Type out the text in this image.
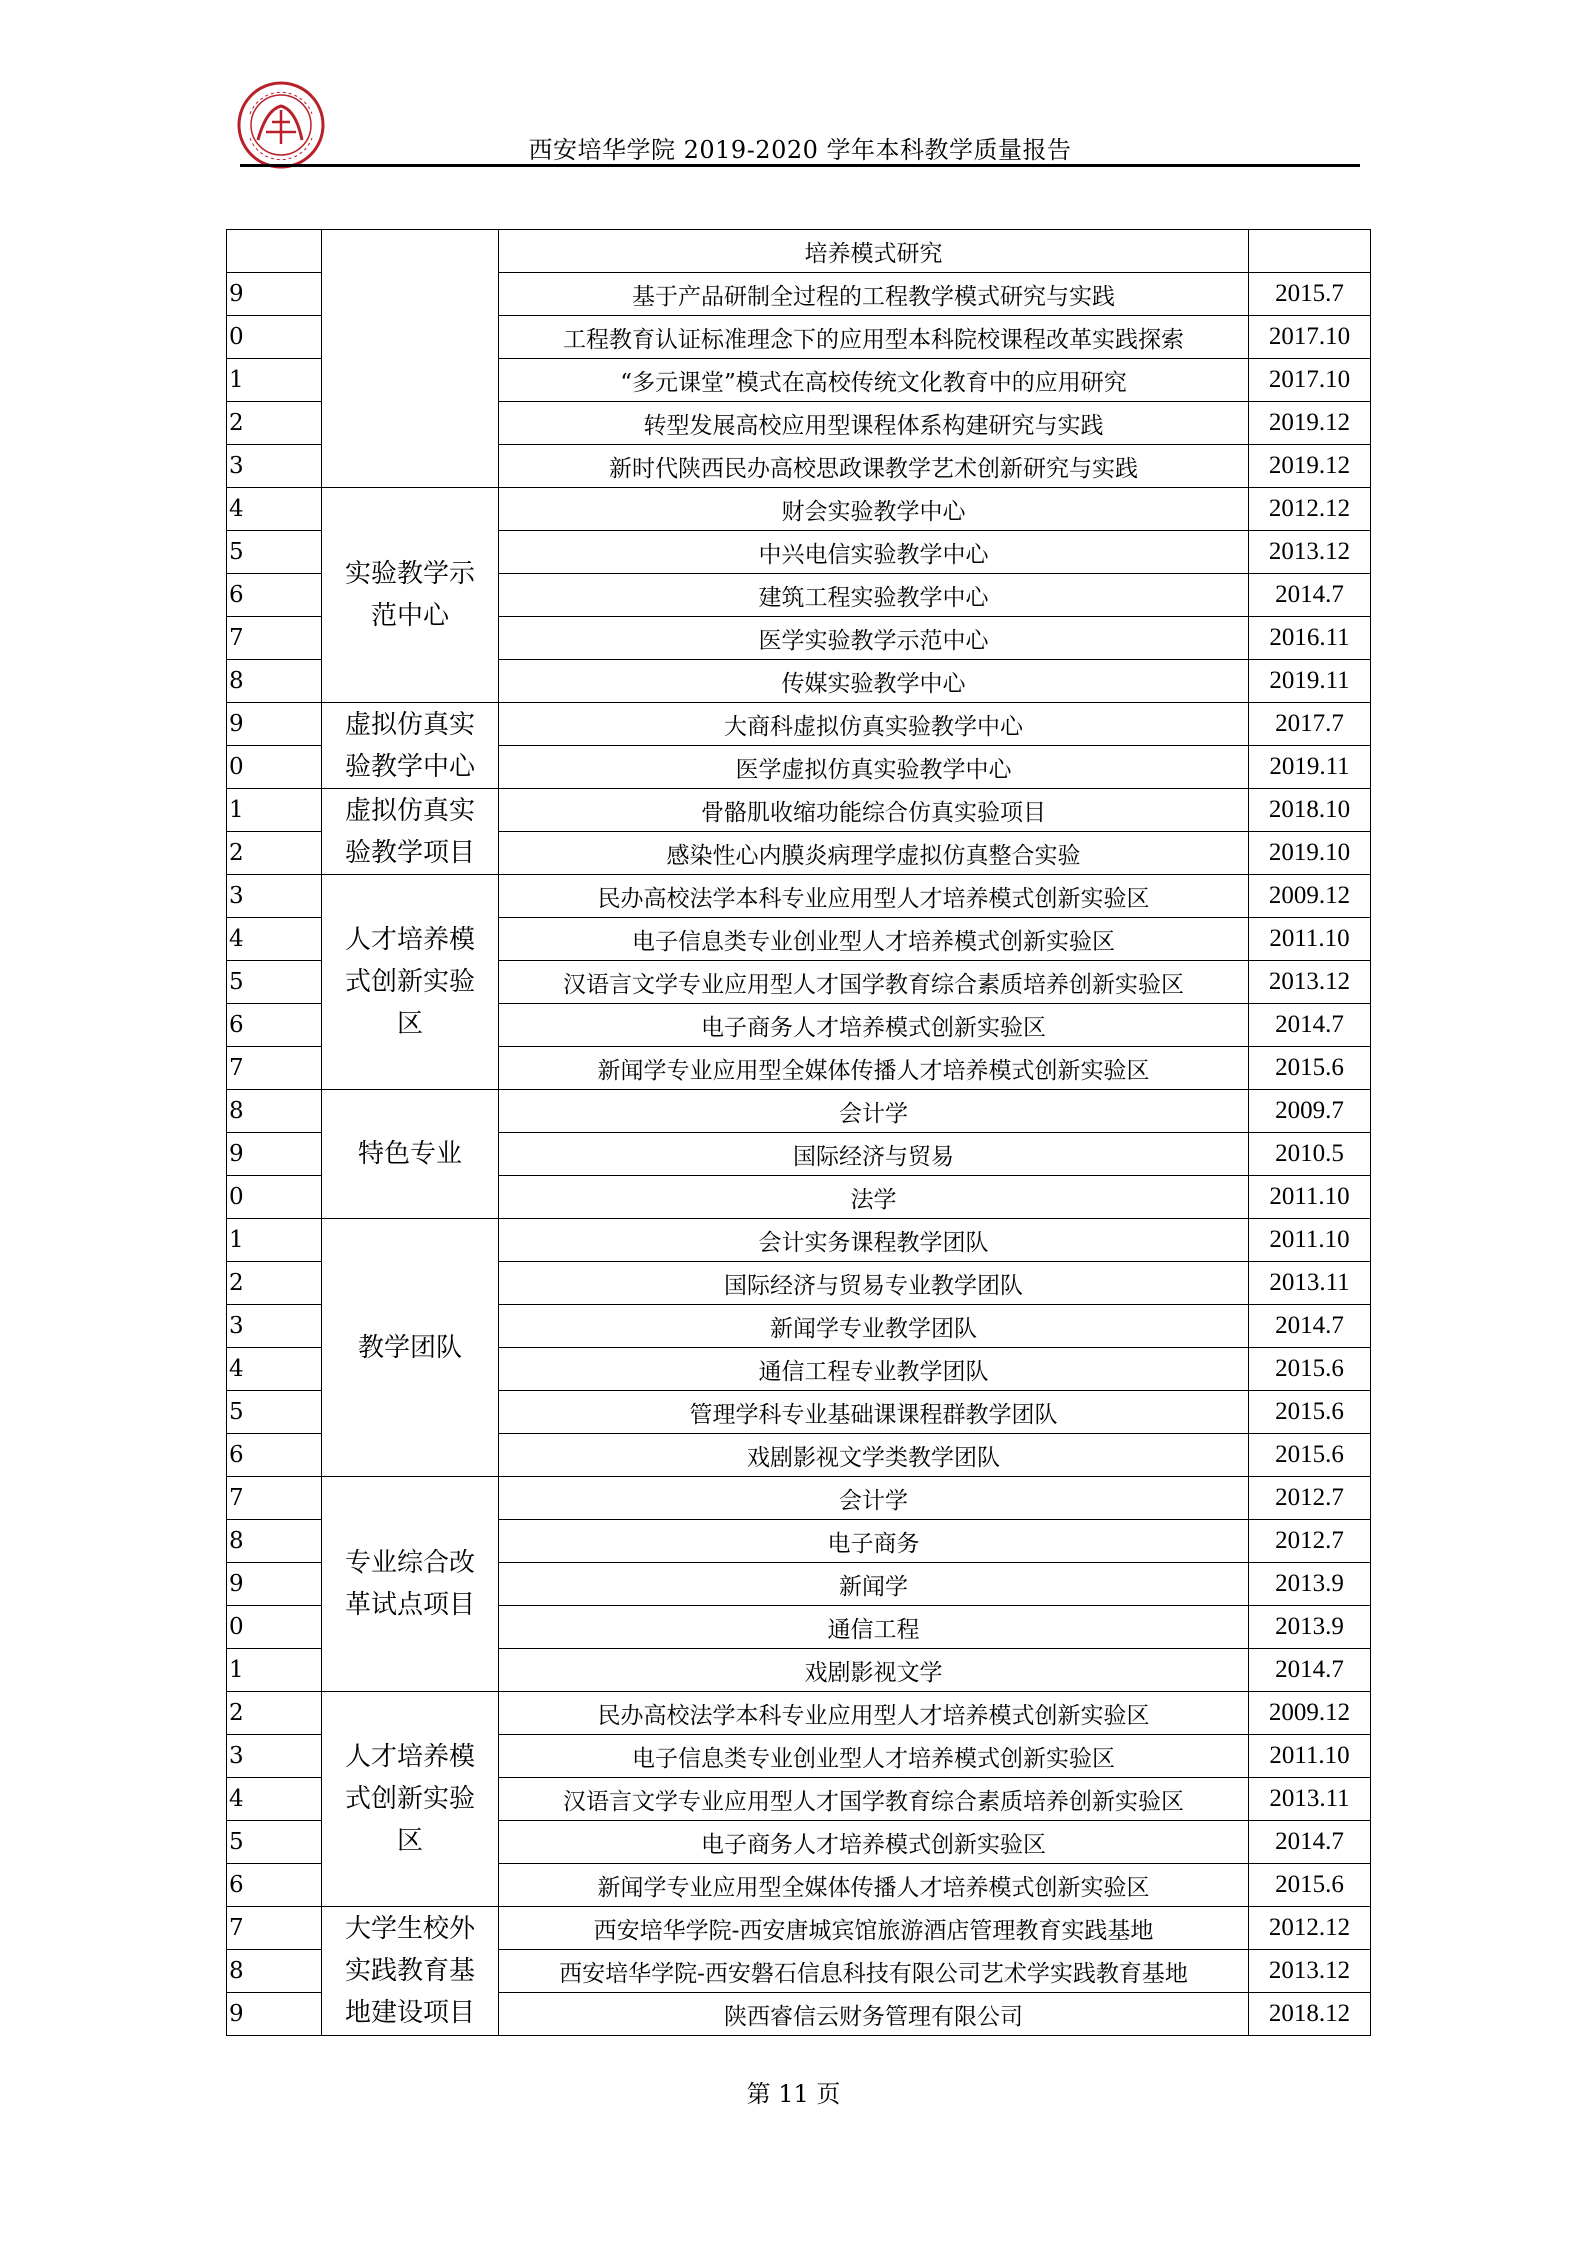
西安培华学院 2019-2020 学年本科教学质量报告
		培养模式研究	
9		基于产品研制全过程的工程教学模式研究与实践	2015.7
0		工程教育认证标准理念下的应用型本科院校课程改革实践探索	2017.10
1		“多元课堂”模式在高校传统文化教育中的应用研究	2017.10
2		转型发展高校应用型课程体系构建研究与实践	2019.12
3		新时代陕西民办高校思政课教学艺术创新研究与实践	2019.12
4	实验教学示范中心	财会实验教学中心	2012.12
5		中兴电信实验教学中心	2013.12
6		建筑工程实验教学中心	2014.7
7		医学实验教学示范中心	2016.11
8		传媒实验教学中心	2019.11
9	虚拟仿真实验教学中心	大商科虚拟仿真实验教学中心	2017.7
0		医学虚拟仿真实验教学中心	2019.11
1	虚拟仿真实验教学项目	骨骼肌收缩功能综合仿真实验项目	2018.10
2		感染性心内膜炎病理学虚拟仿真整合实验	2019.10
3	人才培养模式创新实验区	民办高校法学本科专业应用型人才培养模式创新实验区	2009.12
4		电子信息类专业创业型人才培养模式创新实验区	2011.10
5		汉语言文学专业应用型人才国学教育综合素质培养创新实验区	2013.12
6		电子商务人才培养模式创新实验区	2014.7
7		新闻学专业应用型全媒体传播人才培养模式创新实验区	2015.6
8	特色专业	会计学	2009.7
9		国际经济与贸易	2010.5
0		法学	2011.10
1	教学团队	会计实务课程教学团队	2011.10
2		国际经济与贸易专业教学团队	2013.11
3		新闻学专业教学团队	2014.7
4		通信工程专业教学团队	2015.6
5		管理学科专业基础课课程群教学团队	2015.6
6		戏剧影视文学类教学团队	2015.6
7	专业综合改革试点项目	会计学	2012.7
8		电子商务	2012.7
9		新闻学	2013.9
0		通信工程	2013.9
1		戏剧影视文学	2014.7
2	人才培养模式创新实验区	民办高校法学本科专业应用型人才培养模式创新实验区	2009.12
3		电子信息类专业创业型人才培养模式创新实验区	2011.10
4		汉语言文学专业应用型人才国学教育综合素质培养创新实验区	2013.11
5		电子商务人才培养模式创新实验区	2014.7
6		新闻学专业应用型全媒体传播人才培养模式创新实验区	2015.6
7	大学生校外实践教育基地建设项目	西安培华学院-西安唐城宾馆旅游酒店管理教育实践基地	2012.12
8		西安培华学院-西安磐石信息科技有限公司艺术学实践教育基地	2013.12
9		陕西睿信云财务管理有限公司	2018.12
第 11 页
